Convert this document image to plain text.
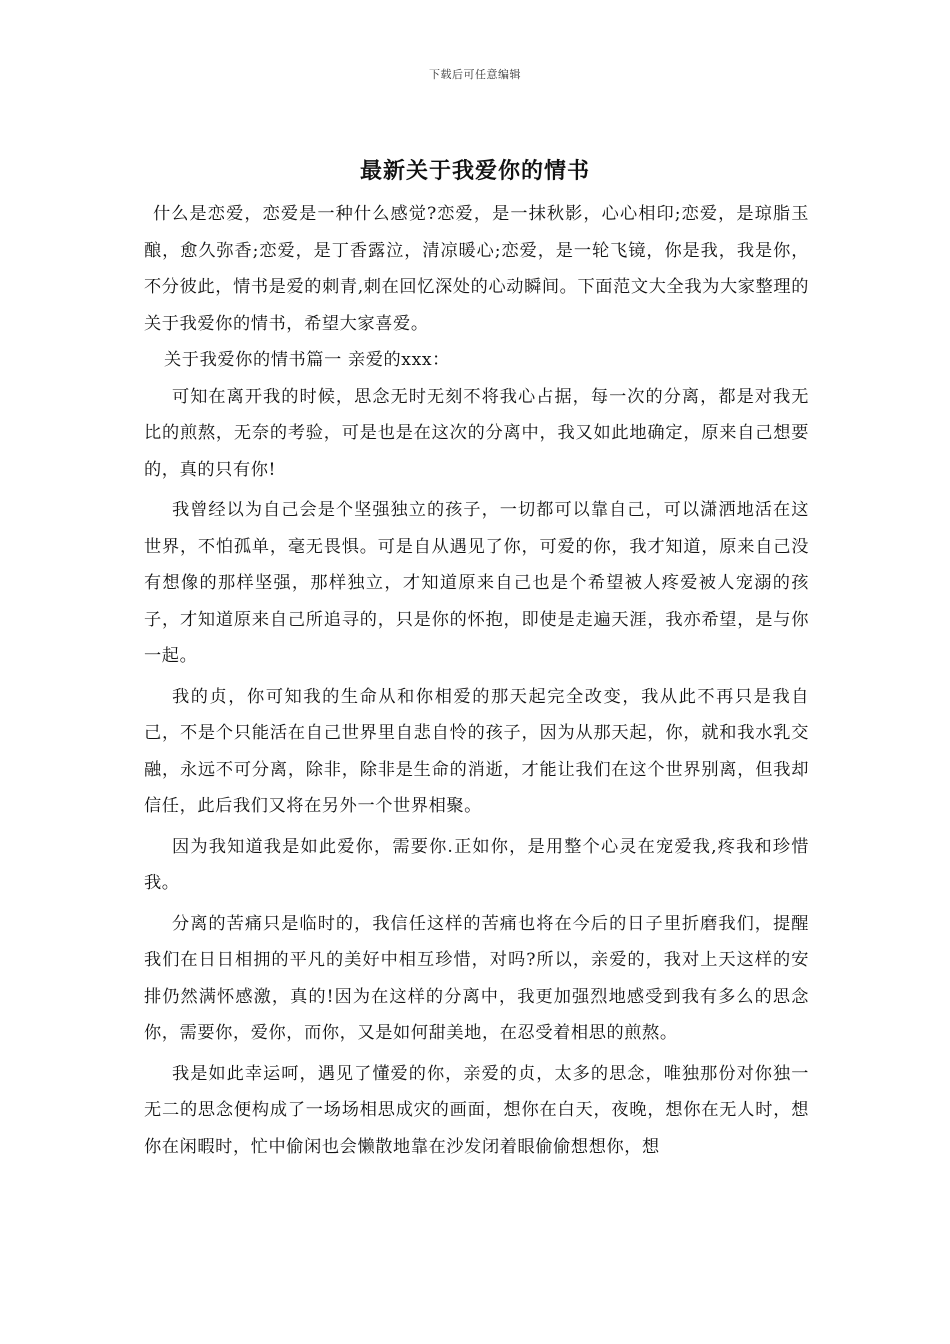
下载后可任意编辑
最新关于我爱你的情书

什么是恋爱，恋爱是一种什么感觉?恋爱，是一抹秋影，心心相印;恋爱，是琼脂玉酿，愈久弥香;恋爱，是丁香露泣，清凉暖心;恋爱，是一轮飞镜，你是我，我是你，不分彼此，情书是爱的刺青,刺在回忆深处的心动瞬间。下面范文大全我为大家整理的关于我爱你的情书，希望大家喜爱。

关于我爱你的情书篇一 亲爱的xxx：

可知在离开我的时候，思念无时无刻不将我心占据，每一次的分离，都是对我无比的煎熬，无奈的考验，可是也是在这次的分离中，我又如此地确定，原来自己想要的，真的只有你!

我曾经以为自己会是个坚强独立的孩子，一切都可以靠自己，可以潇洒地活在这世界，不怕孤单，毫无畏惧。可是自从遇见了你，可爱的你，我才知道，原来自己没有想像的那样坚强，那样独立，才知道原来自己也是个希望被人疼爱被人宠溺的孩子，才知道原来自己所追寻的，只是你的怀抱，即使是走遍天涯，我亦希望，是与你一起。

我的贞，你可知我的生命从和你相爱的那天起完全改变，我从此不再只是我自己，不是个只能活在自己世界里自悲自怜的孩子，因为从那天起，你，就和我水乳交融，永远不可分离，除非，除非是生命的消逝，才能让我们在这个世界别离，但我却信任，此后我们又将在另外一个世界相聚。

因为我知道我是如此爱你，需要你.正如你，是用整个心灵在宠爱我,疼我和珍惜我。

分离的苦痛只是临时的，我信任这样的苦痛也将在今后的日子里折磨我们，提醒我们在日日相拥的平凡的美好中相互珍惜，对吗?所以，亲爱的，我对上天这样的安排仍然满怀感激，真的!因为在这样的分离中，我更加强烈地感受到我有多么的思念你，需要你，爱你，而你，又是如何甜美地，在忍受着相思的煎熬。

我是如此幸运呵，遇见了懂爱的你，亲爱的贞，太多的思念，唯独那份对你独一无二的思念便构成了一场场相思成灾的画面，想你在白天，夜晚，想你在无人时，想你在闲暇时，忙中偷闲也会懒散地靠在沙发闭着眼偷偷想想你，想
